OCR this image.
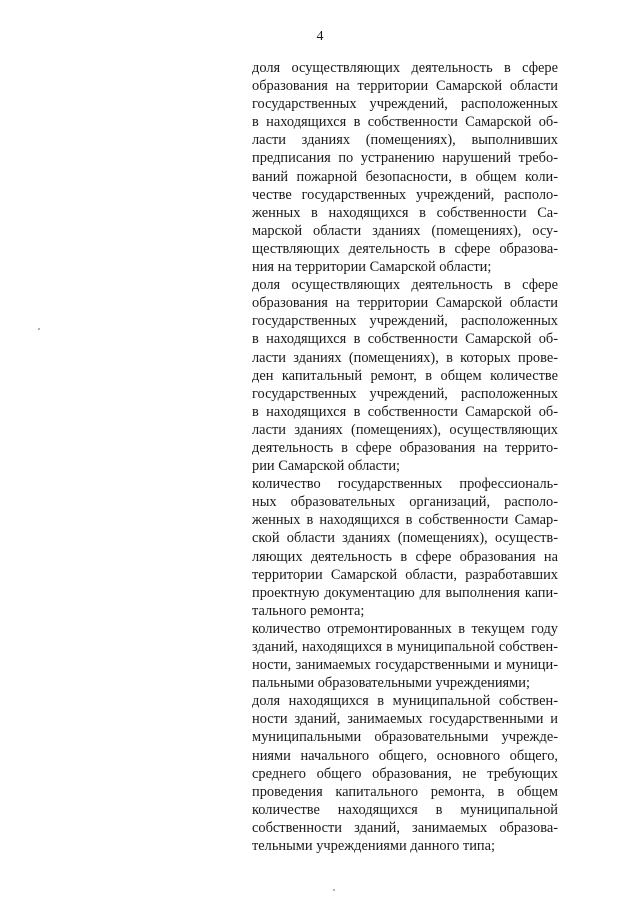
4
доля осуществляющих деятельность в сфере
образования на территории Самарской области
государственных учреждений, расположенных
в находящихся в собственности Самарской об-
ласти зданиях (помещениях), выполнивших
предписания по устранению нарушений требо-
ваний пожарной безопасности, в общем коли-
честве государственных учреждений, располо-
женных в находящихся в собственности Са-
марской области зданиях (помещениях), осу-
ществляющих деятельность в сфере образова-
ния на территории Самарской области;
доля осуществляющих деятельность в сфере
образования на территории Самарской области
государственных учреждений, расположенных
в находящихся в собственности Самарской об-
ласти зданиях (помещениях), в которых прове-
ден капитальный ремонт, в общем количестве
государственных учреждений, расположенных
в находящихся в собственности Самарской об-
ласти зданиях (помещениях), осуществляющих
деятельность в сфере образования на террито-
рии Самарской области;
количество государственных профессиональ-
ных образовательных организаций, располо-
женных в находящихся в собственности Самар-
ской области зданиях (помещениях), осуществ-
ляющих деятельность в сфере образования на
территории Самарской области, разработавших
проектную документацию для выполнения капи-
тального ремонта;
количество отремонтированных в текущем году
зданий, находящихся в муниципальной собствен-
ности, занимаемых государственными и муници-
пальными образовательными учреждениями;
доля находящихся в муниципальной собствен-
ности зданий, занимаемых государственными и
муниципальными образовательными учрежде-
ниями начального общего, основного общего,
среднего общего образования, не требующих
проведения капитального ремонта, в общем
количестве находящихся в муниципальной
собственности зданий, занимаемых образова-
тельными учреждениями данного типа;
